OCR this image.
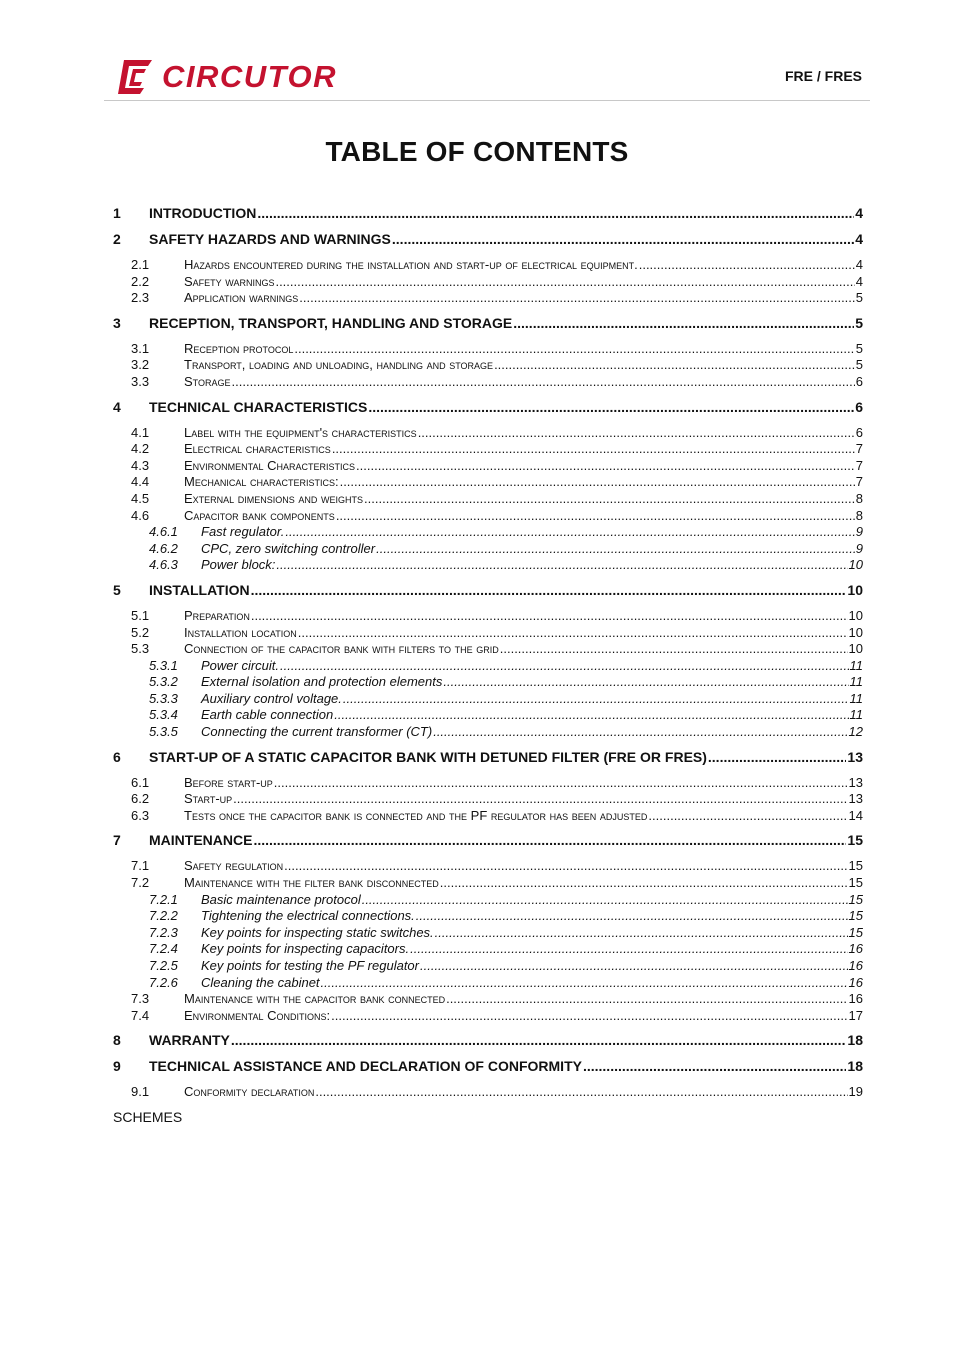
CIRCUTOR	FRE / FRES
TABLE OF CONTENTS
1	INTRODUCTION .....	4
2	SAFETY HAZARDS AND WARNINGS .....	4
2.1	Hazards encountered during the installation and start-up of electrical equipment. .....	4
2.2	Safety warnings .....	4
2.3	Application warnings .....	5
3	RECEPTION, TRANSPORT, HANDLING AND STORAGE .....	5
3.1	Reception protocol .....	5
3.2	Transport, loading and unloading, handling and storage .....	5
3.3	Storage .....	6
4	TECHNICAL CHARACTERISTICS .....	6
4.1	Label with the equipment's characteristics .....	6
4.2	Electrical characteristics .....	7
4.3	Environmental Characteristics .....	7
4.4	Mechanical characteristics: .....	7
4.5	External dimensions and weights .....	8
4.6	Capacitor bank components .....	8
4.6.1	Fast regulator. .....	9
4.6.2	CPC, zero switching controller .....	9
4.6.3	Power block: .....	10
5	INSTALLATION .....	10
5.1	Preparation .....	10
5.2	Installation location .....	10
5.3	Connection of the capacitor bank with filters to the grid .....	10
5.3.1	Power circuit. .....	11
5.3.2	External isolation and protection elements .....	11
5.3.3	Auxiliary control voltage. .....	11
5.3.4	Earth cable connection .....	11
5.3.5	Connecting the current transformer (CT) .....	12
6	START-UP OF A STATIC CAPACITOR BANK WITH DETUNED FILTER (FRE OR FRES) .....	13
6.1	Before start-up .....	13
6.2	Start-up .....	13
6.3	Tests once the capacitor bank is connected and the PF regulator has been adjusted .....	14
7	MAINTENANCE .....	15
7.1	Safety regulation .....	15
7.2	Maintenance with the filter bank disconnected .....	15
7.2.1	Basic maintenance protocol .....	15
7.2.2	Tightening the electrical connections. .....	15
7.2.3	Key points for inspecting static switches. .....	15
7.2.4	Key points for inspecting capacitors. .....	16
7.2.5	Key points for testing the PF regulator .....	16
7.2.6	Cleaning the cabinet .....	16
7.3	Maintenance with the capacitor bank connected .....	16
7.4	Environmental Conditions: .....	17
8	WARRANTY .....	18
9	TECHNICAL ASSISTANCE AND DECLARATION OF CONFORMITY .....	18
9.1	Conformity declaration .....	19
SCHEMES
